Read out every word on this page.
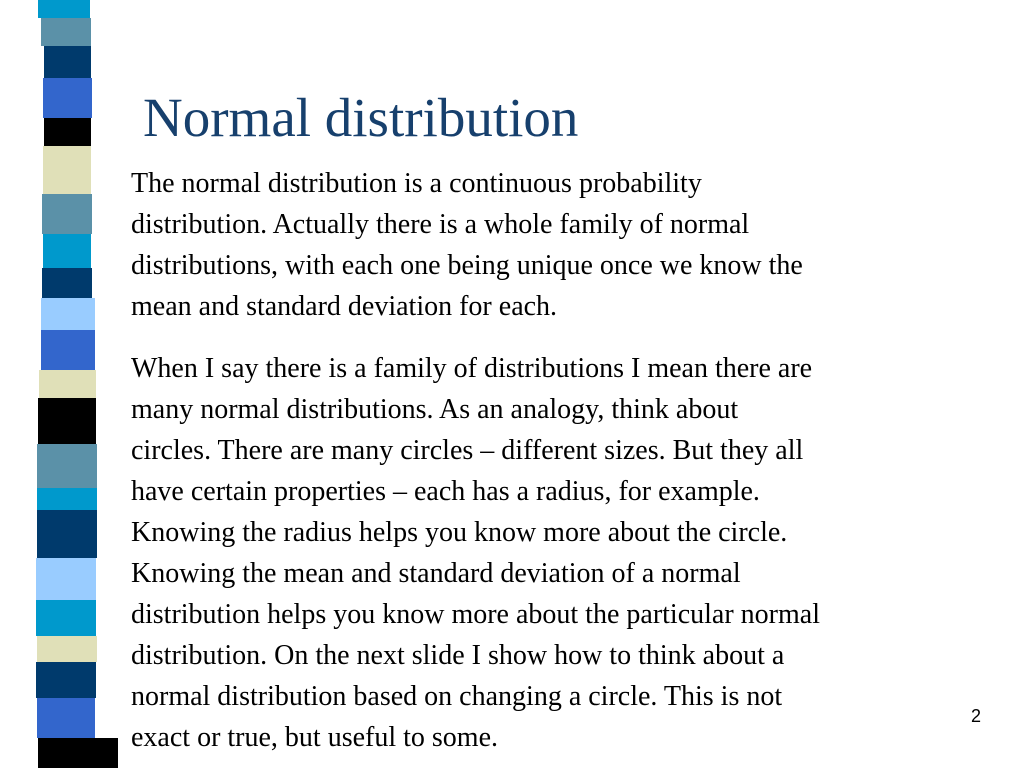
Normal distribution

The normal distribution is a continuous probability
distribution. Actually there is a whole family of normal
distributions, with each one being unique once we know the
mean and standard deviation for each.

When I say there is a family of distributions I mean there are
many normal distributions. As an analogy, think about
circles. There are many circles – different sizes. But they all
have certain properties – each has a radius, for example.
Knowing the radius helps you know more about the circle.
Knowing the mean and standard deviation of a normal
distribution helps you know more about the particular normal
distribution. On the next slide I show how to think about a
normal distribution based on changing a circle. This is not
exact or true, but useful to some.

2
